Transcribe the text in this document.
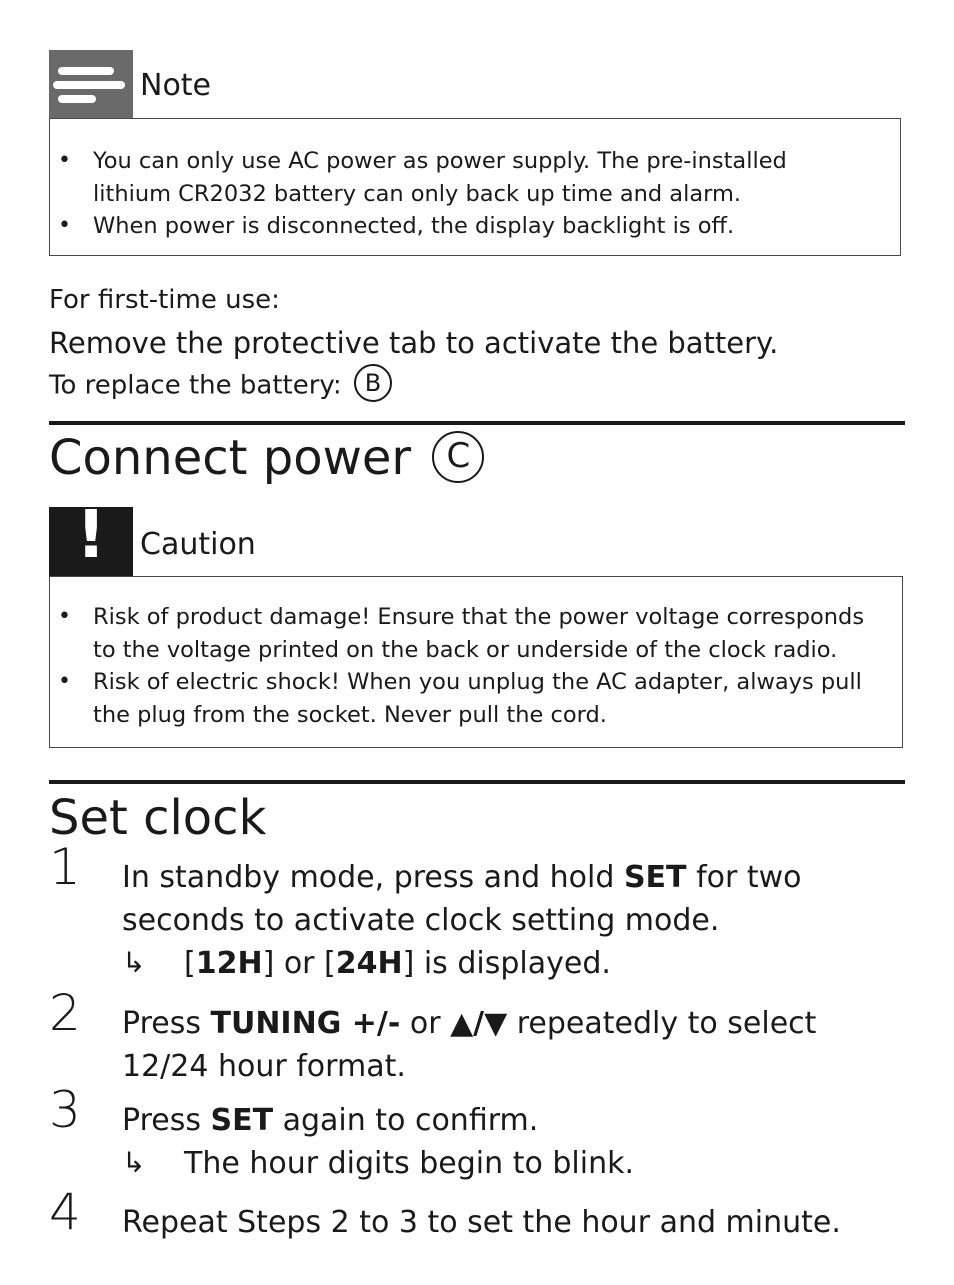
Note
• You can only use AC power as power supply. The pre-installed lithium CR2032 battery can only back up time and alarm.
• When power is disconnected, the display backlight is off.
For first-time use:
Remove the protective tab to activate the battery.
To replace the battery: B
Connect power C
!	Caution
• Risk of product damage! Ensure that the power voltage corresponds to the voltage printed on the back or underside of the clock radio.
• Risk of electric shock! When you unplug the AC adapter, always pull the plug from the socket. Never pull the cord.
Set clock
1 In standby mode, press and hold SET for two seconds to activate clock setting mode.
↳ [12H] or [24H] is displayed.
2 Press TUNING +/- or ▲/▼ repeatedly to select 12/24 hour format.
3 Press SET again to confirm.
↳ The hour digits begin to blink.
4 Repeat Steps 2 to 3 to set the hour and minute.
